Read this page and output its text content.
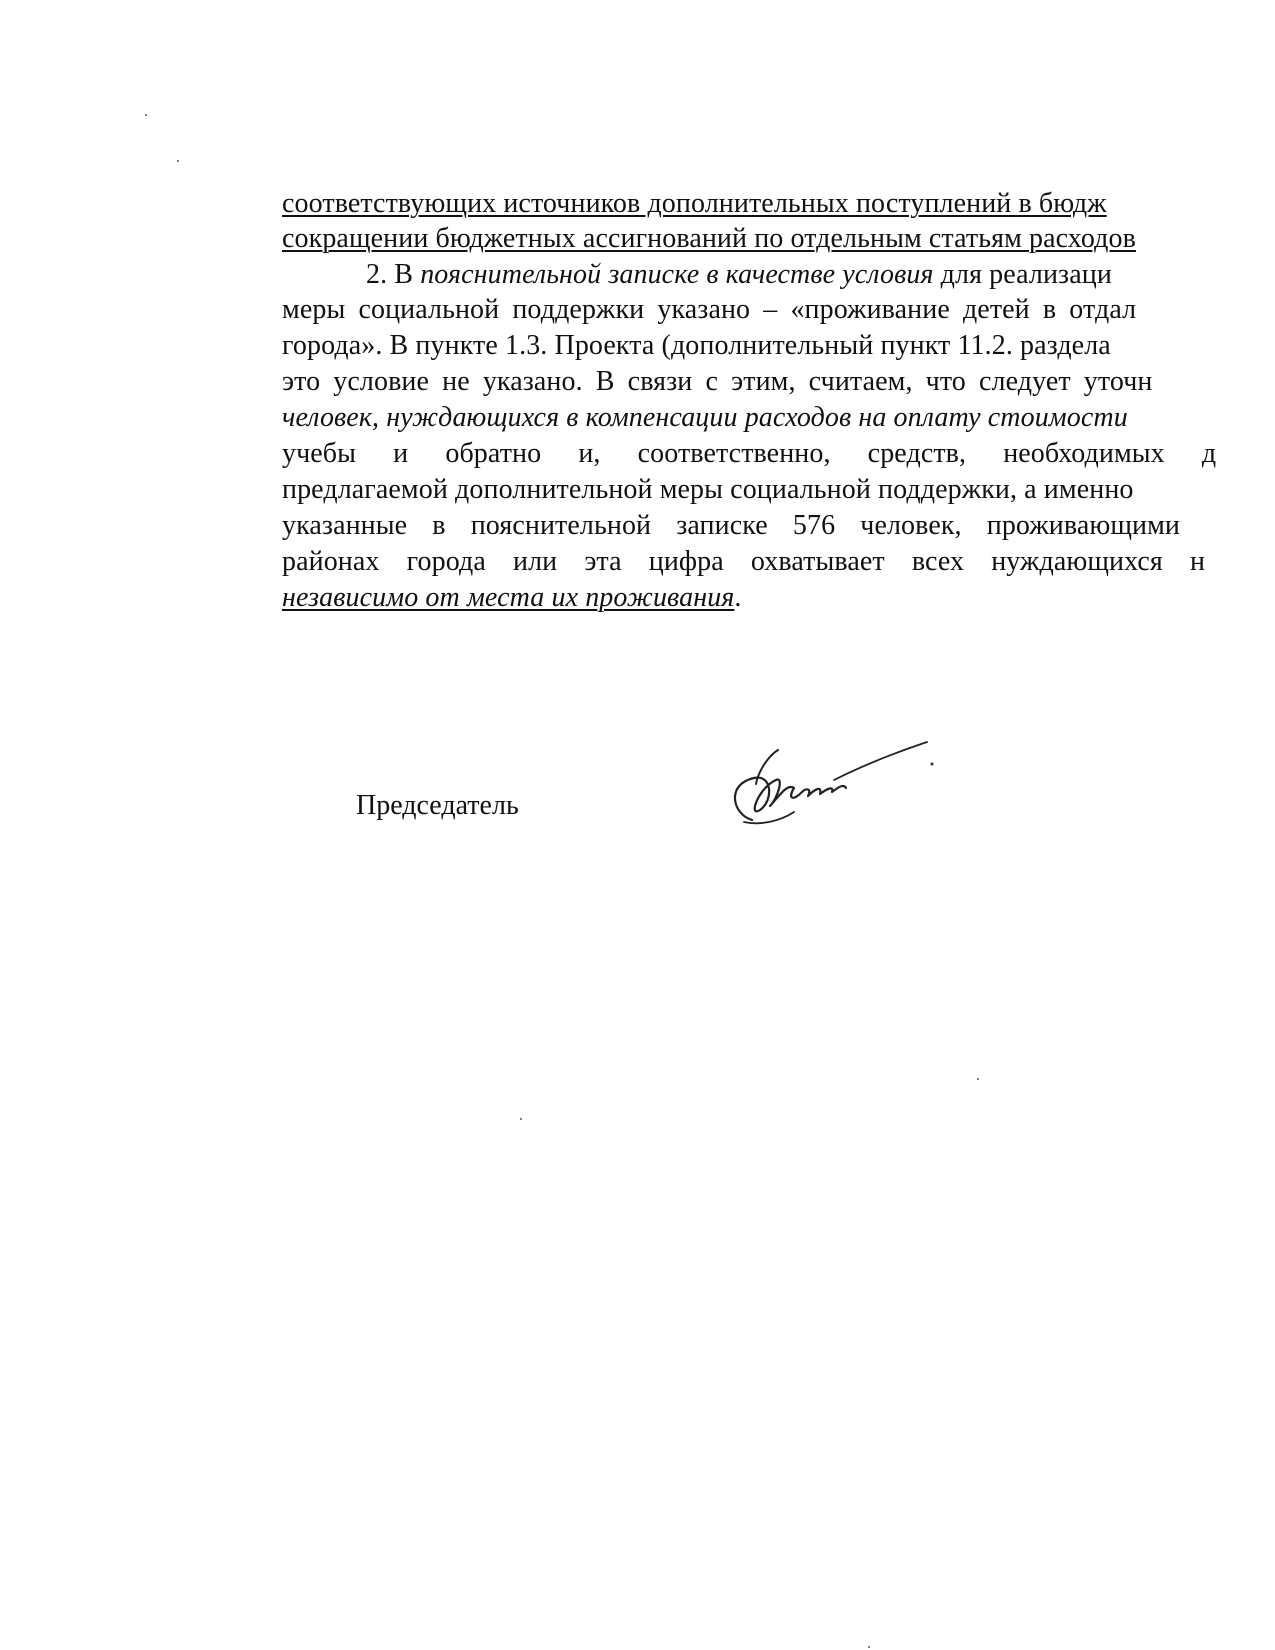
соответствующих источников дополнительных поступлений в бюдж
сокращении бюджетных ассигнований по отдельным статьям расходов
2. В пояснительной записке в качестве условия для реализаци
меры социальной поддержки указано – «проживание детей в отдал
города». В пункте 1.3. Проекта (дополнительный пункт 11.2. раздела
это условие не указано. В связи с этим, считаем, что следует уточн
человек, нуждающихся в компенсации расходов на оплату стоимости
учебы и обратно и, соответственно, средств, необходимых д
предлагаемой дополнительной меры социальной поддержки, а именно
указанные в пояснительной записке 576 человек, проживающими
районах города или эта цифра охватывает всех нуждающихся н
независимо от места их проживания.
Председатель
